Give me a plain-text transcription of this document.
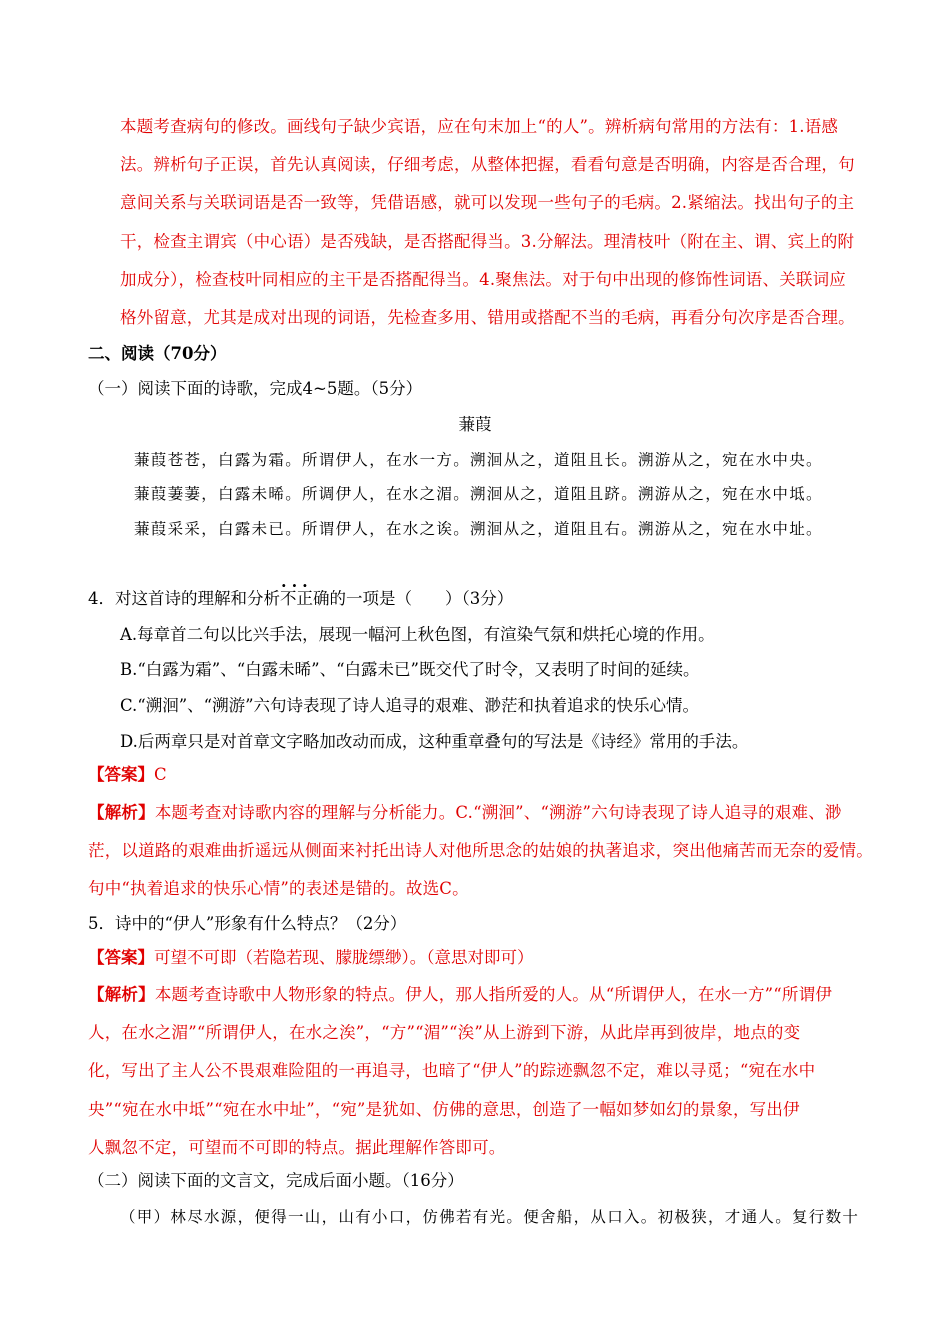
本题考查病句的修改。画线句子缺少宾语，应在句末加上“的人”。辨析病句常用的方法有：1.语感
法。辨析句子正误，首先认真阅读，仔细考虑，从整体把握，看看句意是否明确，内容是否合理，句
意间关系与关联词语是否一致等，凭借语感，就可以发现一些句子的毛病。2.紧缩法。找出句子的主
干，检查主谓宾（中心语）是否残缺，是否搭配得当。3.分解法。理清枝叶（附在主、谓、宾上的附
加成分），检查枝叶同相应的主干是否搭配得当。4.聚焦法。对于句中出现的修饰性词语、关联词应
格外留意，尤其是成对出现的词语，先检查多用、错用或搭配不当的毛病，再看分句次序是否合理。
二、阅读（70分）
（一）阅读下面的诗歌，完成4~5题。（5分）
蒹葭
蒹葭苍苍，白露为霜。所谓伊人，在水一方。溯洄从之，道阻且长。溯游从之，宛在水中央。
蒹葭萋萋，白露未晞。所调伊人，在水之湄。溯洄从之，道阻且跻。溯游从之，宛在水中坻。
蒹葭采采，白露未已。所谓伊人，在水之诶。溯洄从之，道阻且右。溯游从之，宛在水中址。
4．对这首诗的理解和分析··· 不正确的一项是（　　）（3分）
A.每章首二句以比兴手法，展现一幅河上秋色图，有渲染气氛和烘托心境的作用。
B.“白露为霜”、“白露未晞”、“白露未已”既交代了时令，又表明了时间的延续。
C.“溯洄”、“溯游”六句诗表现了诗人追寻的艰难、渺茫和执着追求的快乐心情。
D.后两章只是对首章文字略加改动而成，这种重章叠句的写法是《诗经》常用的手法。
【答案】C
【解析】本题考查对诗歌内容的理解与分析能力。C.“溯洄”、“溯游”六句诗表现了诗人追寻的艰难、渺
茫，以道路的艰难曲折遥远从侧面来衬托出诗人对他所思念的姑娘的执著追求，突出他痛苦而无奈的爱情。
句中“执着追求的快乐心情”的表述是错的。故选C。
5．诗中的“伊人”形象有什么特点？（2分）
【答案】可望不可即（若隐若现、朦胧缥缈）。（意思对即可）
【解析】本题考查诗歌中人物形象的特点。伊人，那人指所爱的人。从“所谓伊人，在水一方”“所谓伊
人，在水之湄”“所谓伊人，在水之涘”，“方”“湄”“涘”从上游到下游，从此岸再到彼岸，地点的变
化，写出了主人公不畏艰难险阻的一再追寻，也暗了“伊人”的踪迹飘忽不定，难以寻觅；“宛在水中
央”“宛在水中坻”“宛在水中址”，“宛”是犹如、仿佛的意思，创造了一幅如梦如幻的景象，写出伊
人飘忽不定，可望而不可即的特点。据此理解作答即可。
（二）阅读下面的文言文，完成后面小题。（16分）
（甲）林尽水源，便得一山，山有小口，仿佛若有光。便舍船，从口入。初极狭，才通人。复行数十
